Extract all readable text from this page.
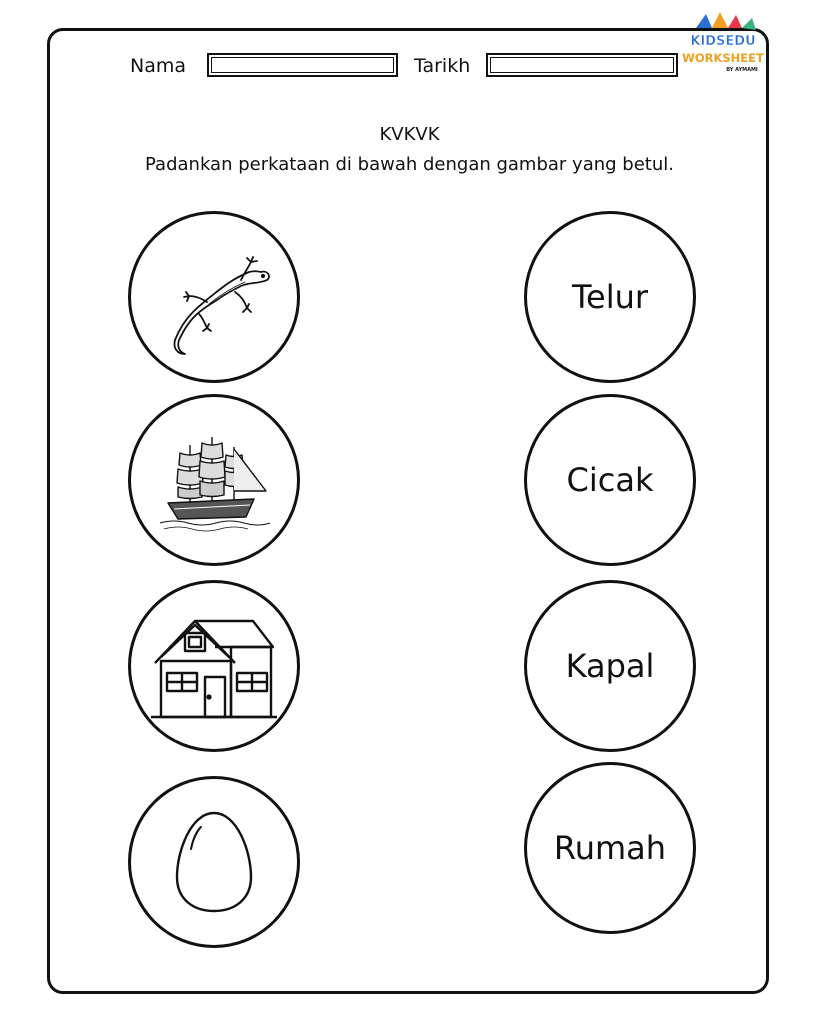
Nama	Tarikh
KIDSEDU
WORKSHEET
BY AYMAMI
KVKVK
Padankan perkataan di bawah dengan gambar yang betul.
Telur
Cicak
Kapal
Rumah
